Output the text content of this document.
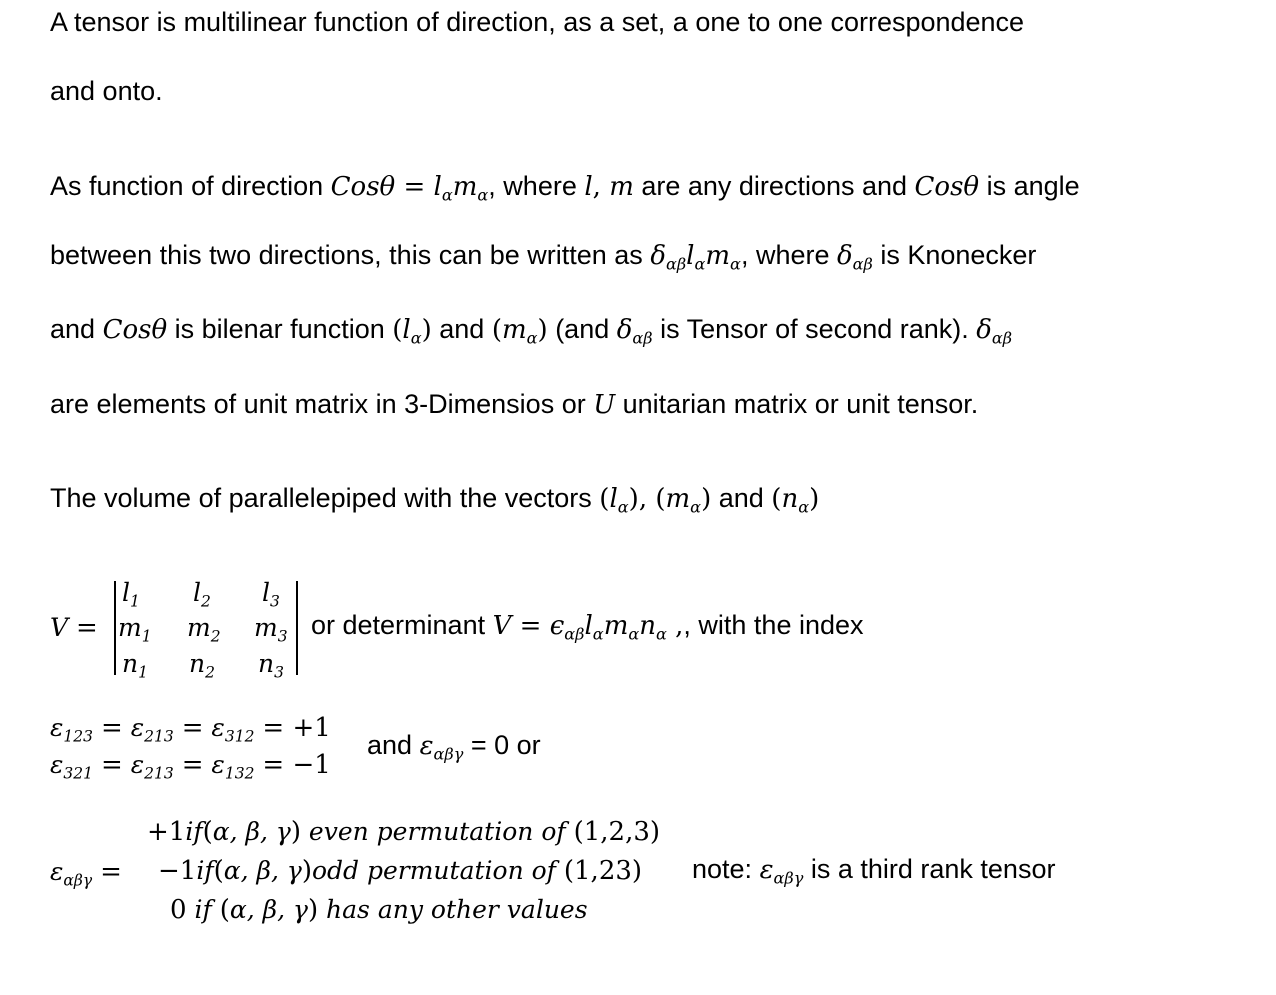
A tensor is multilinear function of direction, as a set, a one to one correspondence
and onto.
As function of direction $Cos\theta = l_\alpha m_\alpha$, where l, m are any directions and Cosθ is angle
between this two directions, this can be written as $\delta_{\alpha\beta}l_\alpha m_\alpha$, where $\delta_{\alpha\beta}$ is Knonecker
and Cosθ is bilenar function $(l_\alpha)$ and $(m_\alpha)$ (and $\delta_{\alpha\beta}$ is Tensor of second rank). $\delta_{\alpha\beta}$
are elements of unit matrix in 3-Dimensios or U unitarian matrix or unit tensor.
The volume of parallelepiped with the vectors $(l_\alpha)$, $(m_\alpha)$ and $(n_\alpha)$
V =
$l_1$ $l_2$ $l_3$
$m_1$ $m_2$ $m_3$
$n_1$ $n_2$ $n_3$
or determinant $V = \epsilon_{\alpha\beta}l_\alpha m_\alpha n_\alpha$ ,, with the index
$\varepsilon_{123} = \varepsilon_{213} = \varepsilon_{312} = +1$
$\varepsilon_{321} = \varepsilon_{213} = \varepsilon_{132} = -1$
and $\varepsilon_{\alpha\beta\gamma} = 0$ or
$\varepsilon_{\alpha\beta\gamma}$ =
+1if(α, β, γ) even permutation of (1,2,3)
−1if(α, β, γ)odd permutation of (1,23)
0 if (α, β, γ) has any other values
note: $\varepsilon_{\alpha\beta\gamma}$ is a third rank tensor
